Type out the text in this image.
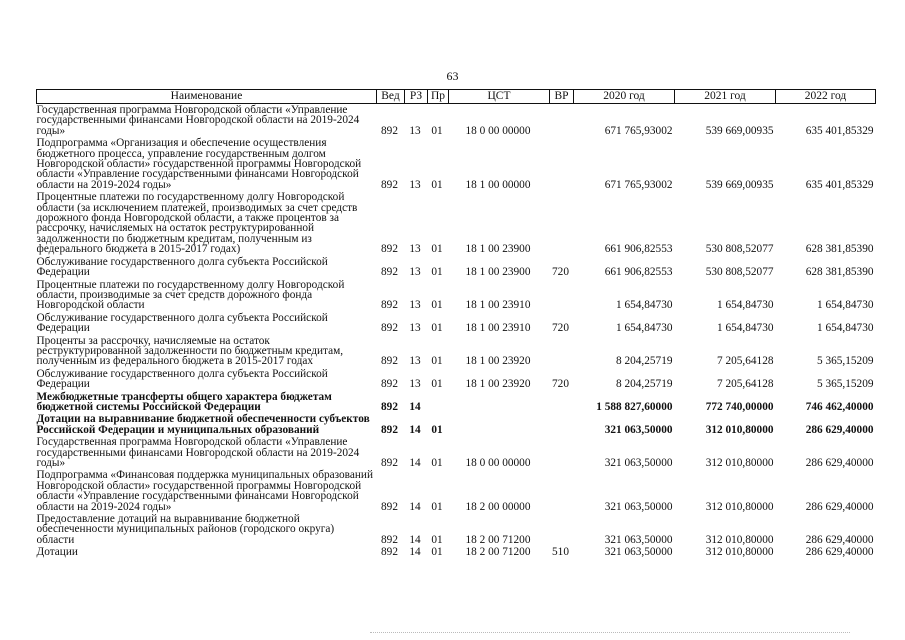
63
Наименование	Вед	РЗ	Пр	ЦСТ	ВР	2020 год	2021 год	2022 год
Государственная программа Новгородской области «Управление государственными финансами Новгородской области на 2019-2024 годы»	892	13	01	18 0 00 00000		671 765,93002	539 669,00935	635 401,85329
Подпрограмма «Организация и обеспечение осуществления бюджетного процесса, управление государственным долгом Новгородской области» государственной программы Новгородской области «Управление государственными финансами Новгородской области на 2019-2024 годы»	892	13	01	18 1 00 00000		671 765,93002	539 669,00935	635 401,85329
Процентные платежи по государственному долгу Новгородской области (за исключением платежей, производимых за счет средств дорожного фонда Новгородской области, а также процентов за рассрочку, начисляемых на остаток реструктурированной задолженности по бюджетным кредитам, полученным из федерального бюджета в 2015-2017 годах)	892	13	01	18 1 00 23900		661 906,82553	530 808,52077	628 381,85390
Обслуживание государственного долга субъекта Российской Федерации	892	13	01	18 1 00 23900	720	661 906,82553	530 808,52077	628 381,85390
Процентные платежи по государственному долгу Новгородской области, производимые за счет средств дорожного фонда Новгородской области	892	13	01	18 1 00 23910		1 654,84730	1 654,84730	1 654,84730
Обслуживание государственного долга субъекта Российской Федерации	892	13	01	18 1 00 23910	720	1 654,84730	1 654,84730	1 654,84730
Проценты за рассрочку, начисляемые на остаток реструктурированной задолженности по бюджетным кредитам, полученным из федерального бюджета в 2015-2017 годах	892	13	01	18 1 00 23920		8 204,25719	7 205,64128	5 365,15209
Обслуживание государственного долга субъекта Российской Федерации	892	13	01	18 1 00 23920	720	8 204,25719	7 205,64128	5 365,15209
Межбюджетные трансферты общего характера бюджетам бюджетной системы Российской Федерации	892	14				1 588 827,60000	772 740,00000	746 462,40000
Дотации на выравнивание бюджетной обеспеченности субъектов Российской Федерации и муниципальных образований	892	14	01			321 063,50000	312 010,80000	286 629,40000
Государственная программа Новгородской области «Управление государственными финансами Новгородской области на 2019-2024 годы»	892	14	01	18 0 00 00000		321 063,50000	312 010,80000	286 629,40000
Подпрограмма «Финансовая поддержка муниципальных образований Новгородской области» государственной программы Новгородской области «Управление государственными финансами Новгородской области на 2019-2024 годы»	892	14	01	18 2 00 00000		321 063,50000	312 010,80000	286 629,40000
Предоставление дотаций на выравнивание бюджетной обеспеченности муниципальных районов (городского округа) области	892	14	01	18 2 00 71200		321 063,50000	312 010,80000	286 629,40000
Дотации	892	14	01	18 2 00 71200	510	321 063,50000	312 010,80000	286 629,40000
